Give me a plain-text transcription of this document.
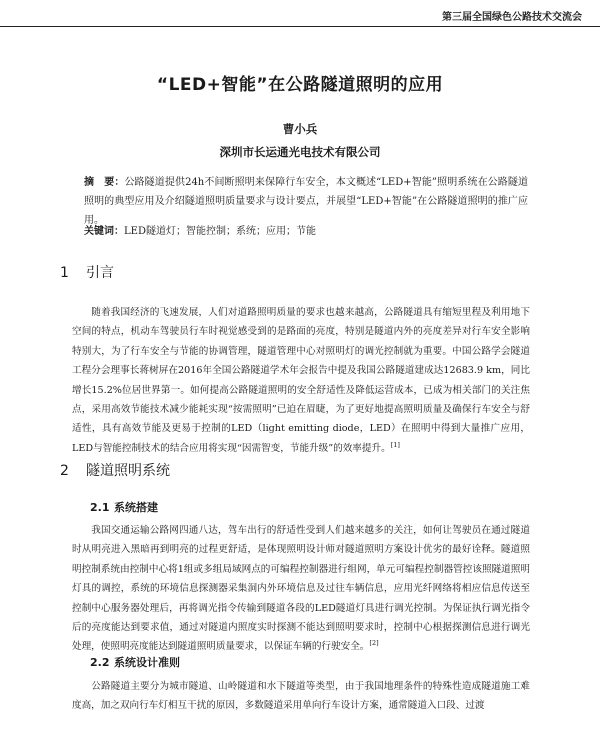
第三届全国绿色公路技术交流会
“LED+智能”在公路隧道照明的应用
曹小兵
深圳市长运通光电技术有限公司
摘　要：公路隧道提供24h不间断照明来保障行车安全，本文概述“LED+智能”照明系统在公路隧道照明的典型应用及介绍隧道照明质量要求与设计要点，并展望“LED+智能”在公路隧道照明的推广应用。
关键词：LED隧道灯；智能控制；系统；应用；节能
1 引言
随着我国经济的飞速发展，人们对道路照明质量的要求也越来越高，公路隧道具有缩短里程及利用地下空间的特点，机动车驾驶员行车时视觉感受到的是路面的亮度，特别是隧道内外的亮度差异对行车安全影响特别大，为了行车安全与节能的协调管理，隧道管理中心对照明灯的调光控制就为重要。中国公路学会隧道工程分会理事长蒋树屏在2016年全国公路隧道学术年会报告中提及我国公路隧道建成达12683.9 km，同比增长15.2%位居世界第一。如何提高公路隧道照明的安全舒适性及降低运营成本，已成为相关部门的关注焦点，采用高效节能技术减少能耗实现“按需照明”已迫在眉睫，为了更好地提高照明质量及确保行车安全与舒适性，具有高效节能及更易于控制的LED（light emitting diode，LED）在照明中得到大量推广应用，LED与智能控制技术的结合应用将实现“因需智变，节能升级”的效率提升。[1]
2 隧道照明系统
2.1 系统搭建
我国交通运输公路网四通八达，驾车出行的舒适性受到人们越来越多的关注，如何让驾驶员在通过隧道时从明亮进入黑暗再到明亮的过程更舒适，是体现照明设计师对隧道照明方案设计优劣的最好诠释。隧道照明控制系统由控制中心将1组或多组局域网点的可编程控制器进行组网，单元可编程控制器管控该照隧道照明灯具的调控，系统的环境信息探测器采集洞内外环境信息及过往车辆信息，应用光纤网络将相应信息传送至控制中心服务器处理后，再将调光指令传输到隧道各段的LED隧道灯具进行调光控制。为保证执行调光指令后的亮度能达到要求值，通过对隧道内照度实时探测不能达到照明要求时，控制中心根据探测信息进行调光处理，使照明亮度能达到隧道照明质量要求，以保证车辆的行驶安全。[2]
2.2 系统设计准则
公路隧道主要分为城市隧道、山岭隧道和水下隧道等类型，由于我国地理条件的特殊性造成隧道施工难度高，加之双向行车灯相互干扰的原因，多数隧道采用单向行车设计方案，通常隧道入口段、过渡
